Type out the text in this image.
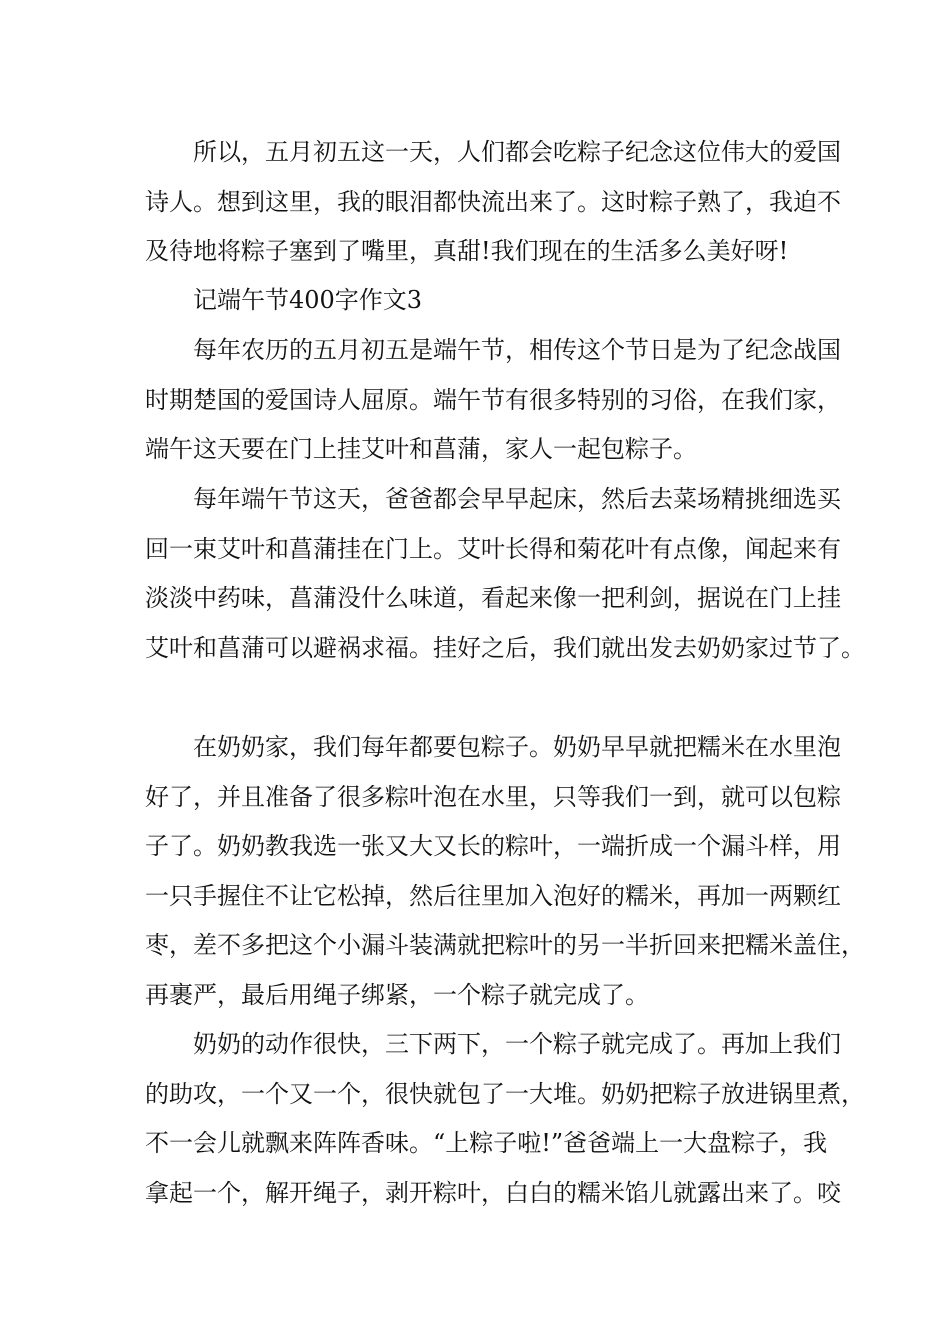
所以，五月初五这一天，人们都会吃粽子纪念这位伟大的爱国
诗人。想到这里，我的眼泪都快流出来了。这时粽子熟了，我迫不
及待地将粽子塞到了嘴里，真甜!我们现在的生活多么美好呀!
记端午节400字作文3
每年农历的五月初五是端午节，相传这个节日是为了纪念战国
时期楚国的爱国诗人屈原。端午节有很多特别的习俗，在我们家，
端午这天要在门上挂艾叶和菖蒲，家人一起包粽子。
每年端午节这天，爸爸都会早早起床，然后去菜场精挑细选买
回一束艾叶和菖蒲挂在门上。艾叶长得和菊花叶有点像，闻起来有
淡淡中药味，菖蒲没什么味道，看起来像一把利剑，据说在门上挂
艾叶和菖蒲可以避祸求福。挂好之后，我们就出发去奶奶家过节了。
在奶奶家，我们每年都要包粽子。奶奶早早就把糯米在水里泡
好了，并且准备了很多粽叶泡在水里，只等我们一到，就可以包粽
子了。奶奶教我选一张又大又长的粽叶，一端折成一个漏斗样，用
一只手握住不让它松掉，然后往里加入泡好的糯米，再加一两颗红
枣，差不多把这个小漏斗装满就把粽叶的另一半折回来把糯米盖住，
再裹严，最后用绳子绑紧，一个粽子就完成了。
奶奶的动作很快，三下两下，一个粽子就完成了。再加上我们
的助攻，一个又一个，很快就包了一大堆。奶奶把粽子放进锅里煮，
不一会儿就飘来阵阵香味。“上粽子啦!”爸爸端上一大盘粽子，我
拿起一个，解开绳子，剥开粽叶，白白的糯米馅儿就露出来了。咬
